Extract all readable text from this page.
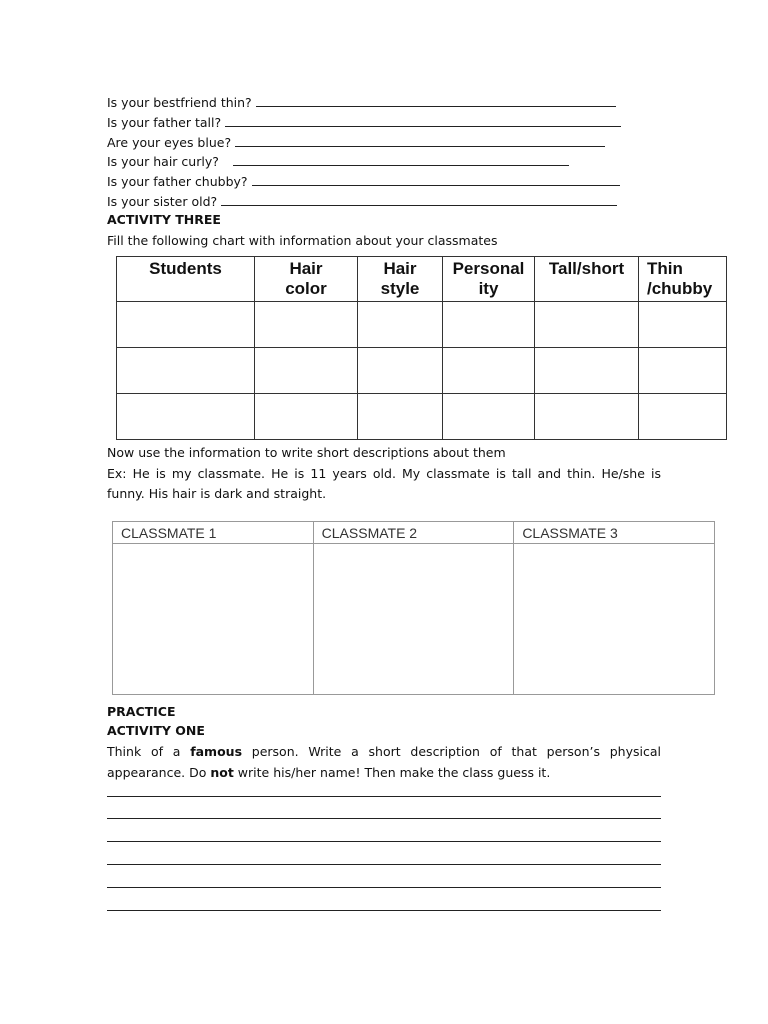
Is your bestfriend thin?
Is your father tall?
Are your eyes blue?
Is your hair curly?
Is your father chubby?
Is your sister old?
ACTIVITY THREE
Fill the following chart with information about your classmates
Students	Hair color	Hair style	Personal ity	Tall/short	Thin /chubby

Now use the information to write short descriptions about them
Ex: He is my classmate. He is 11 years old. My classmate is tall and thin. He/she is funny. His hair is dark and straight.
CLASSMATE 1	CLASSMATE 2	CLASSMATE 3

PRACTICE
ACTIVITY ONE
Think of a famous person. Write a short description of that person’s physical appearance. Do not write his/her name! Then make the class guess it.
